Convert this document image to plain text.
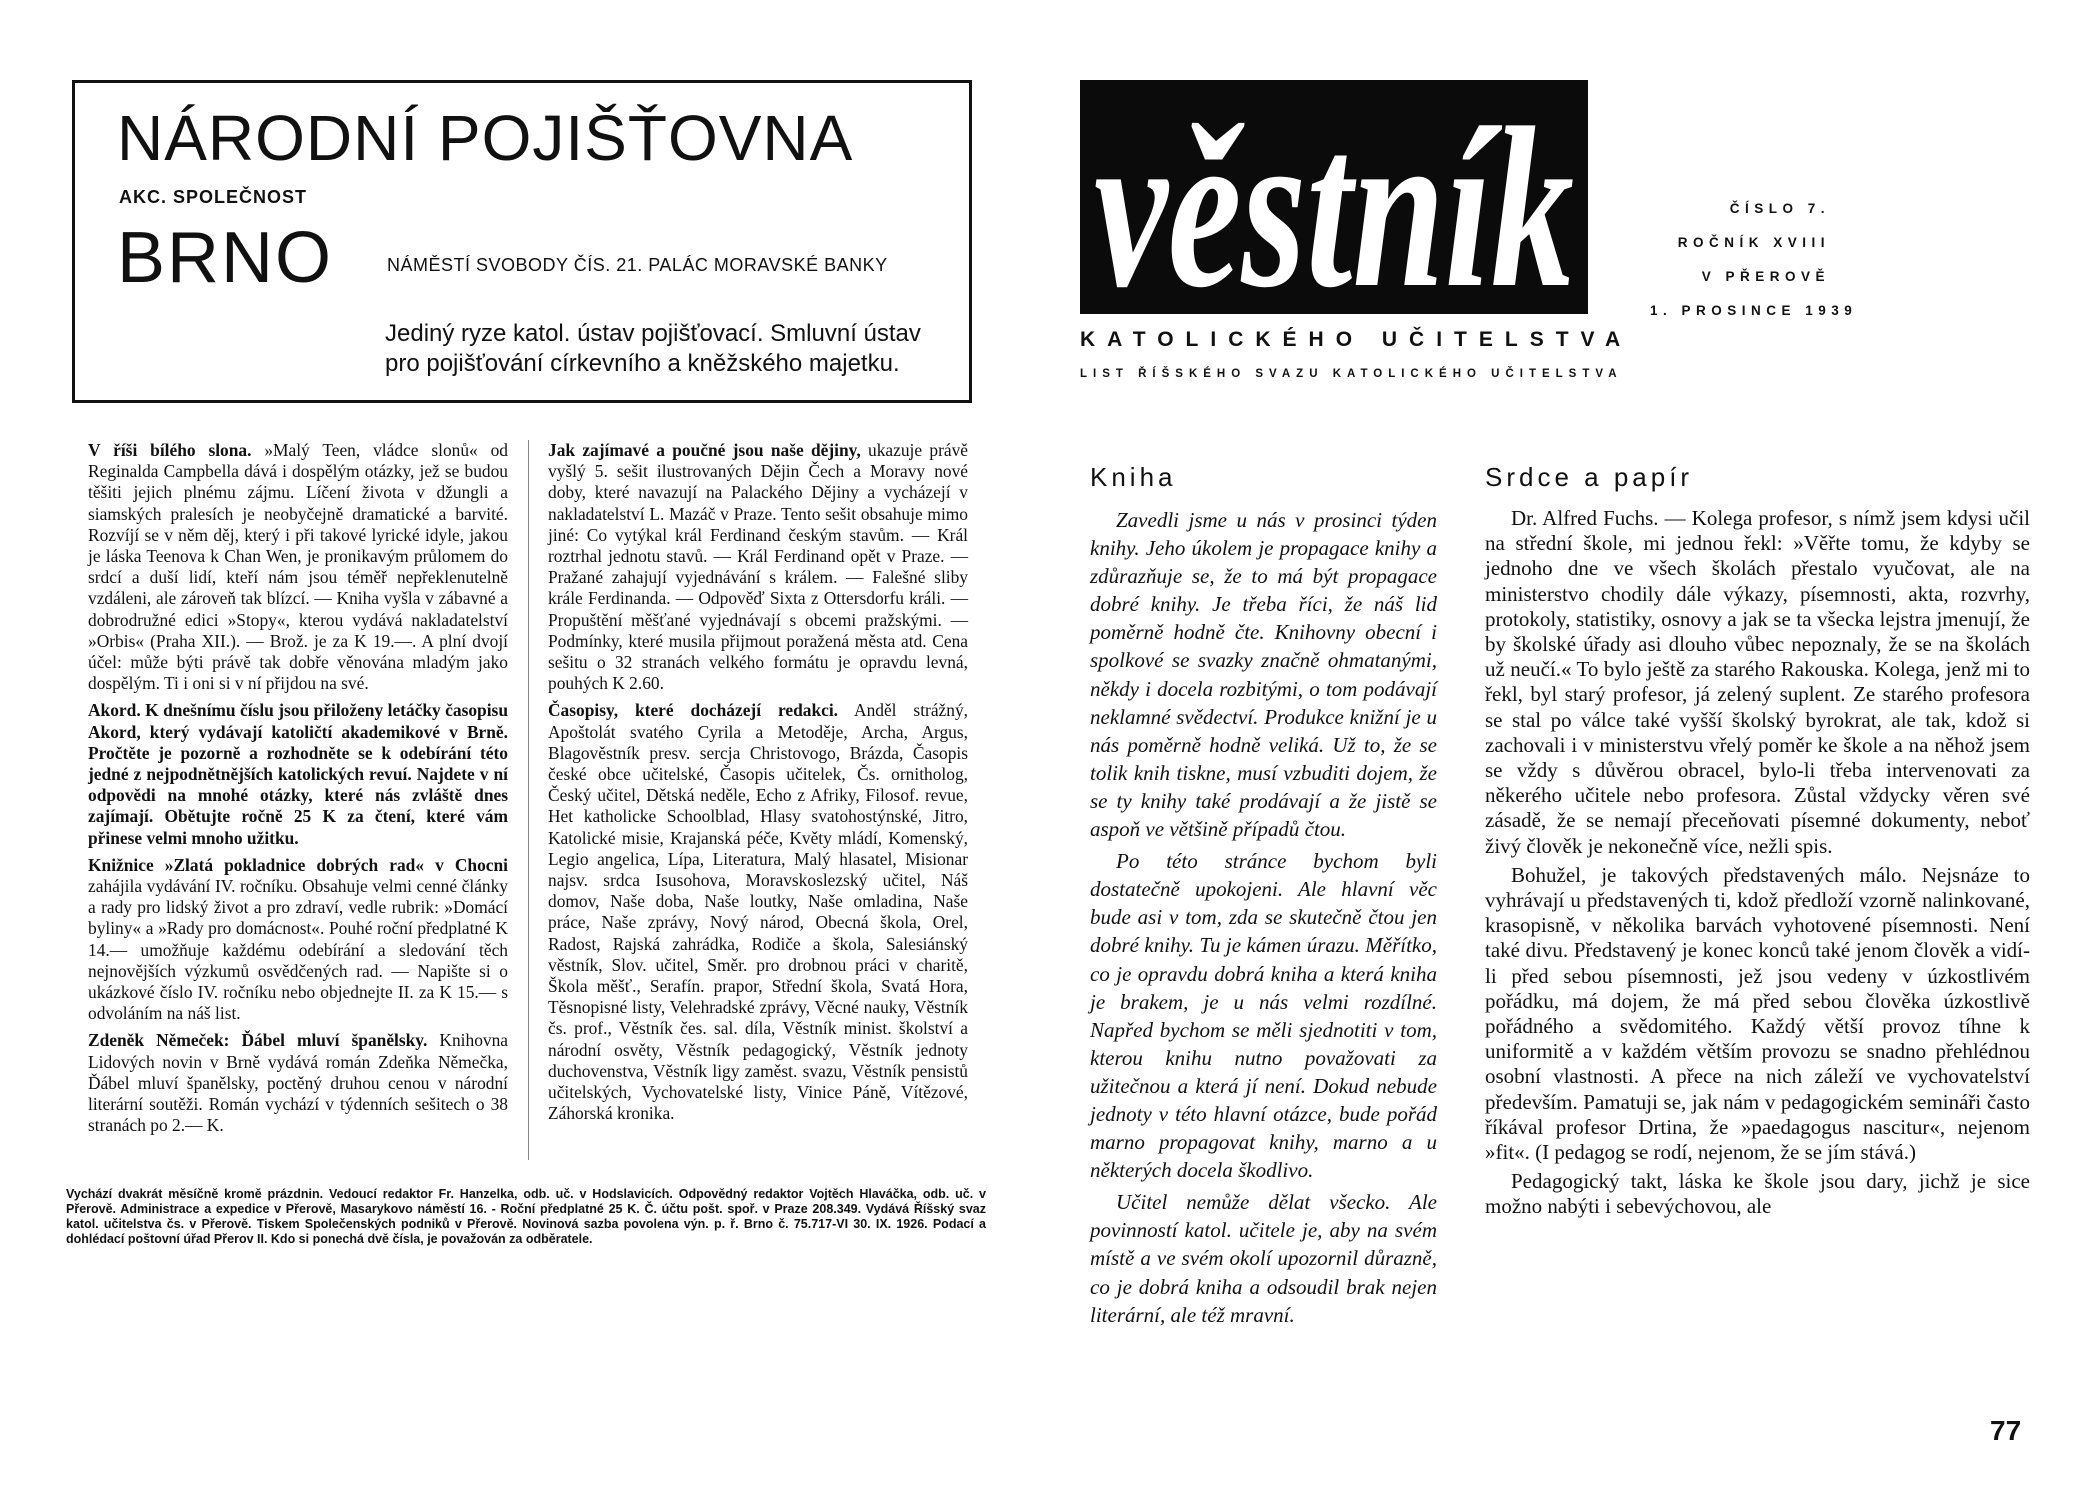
NÁRODNÍ POJIŠŤOVNA
AKC. SPOLEČNOST
BRNO	NÁMĚSTÍ SVOBODY ČÍS. 21. PALÁC MORAVSKÉ BANKY
Jediný ryze katol. ústav pojišťovací. Smluvní ústav pro pojišťování církevního a kněžského majetku.

V říši bílého slona. »Malý Teen, vládce slonů« od Reginalda Campbella dává i dospělým otázky, jež se budou těšiti jejich plnému zájmu. Líčení života v džungli a siamských pralesích je neobyčejně dramatické a barvité. Rozvíjí se v něm děj, který i při takové lyrické idyle, jakou je láska Teenova k Chan Wen, je pronikavým průlomem do srdcí a duší lidí, kteří nám jsou téměř nepřeklenutelně vzdáleni, ale zároveň tak blízcí. — Kniha vyšla v zábavné a dobrodružné edici »Stopy«, kterou vydává nakladatelství »Orbis« (Praha XII.). — Brož. je za K 19.—. A plní dvojí účel: může býti právě tak dobře věnována mladým jako dospělým. Ti i oni si v ní přijdou na své.

Akord. K dnešnímu číslu jsou přiloženy letáčky časopisu Akord, který vydávají katoličtí akademikové v Brně. Pročtěte je pozorně a rozhodněte se k odebírání této jedné z nejpodnětnějších katolických revuí. Najdete v ní odpovědi na mnohé otázky, které nás zvláště dnes zajímají. Obětujte ročně 25 K za čtení, které vám přinese velmi mnoho užitku.

Knižnice »Zlatá pokladnice dobrých rad« v Chocni zahájila vydávání IV. ročníku. Obsahuje velmi cenné články a rady pro lidský život a pro zdraví, vedle rubrik: »Domácí byliny« a »Rady pro domácnost«. Pouhé roční předplatné K 14.— umožňuje každému odebírání a sledování těch nejnovějších výzkumů osvědčených rad. — Napište si o ukázkové číslo IV. ročníku nebo objednejte II. za K 15.— s odvoláním na náš list.

Zdeněk Němeček: Ďábel mluví španělsky. Knihovna Lidových novin v Brně vydává román Zdeňka Němečka, Ďábel mluví španělsky, poctěný druhou cenou v národní literární soutěži. Román vychází v týdenních sešitech o 38 stranách po 2.— K.

Jak zajímavé a poučné jsou naše dějiny, ukazuje právě vyšlý 5. sešit ilustrovaných Dějin Čech a Moravy nové doby, které navazují na Palackého Dějiny a vycházejí v nakladatelství L. Mazáč v Praze. Tento sešit obsahuje mimo jiné: Co vytýkal král Ferdinand českým stavům. — Král roztrhal jednotu stavů. — Král Ferdinand opět v Praze. — Pražané zahajují vyjednávání s králem. — Falešné sliby krále Ferdinanda. — Odpověď Sixta z Ottersdorfu králi. — Propuštění měšťané vyjednávají s obcemi pražskými. — Podmínky, které musila přijmout poražená města atd. Cena sešitu o 32 stranách velkého formátu je opravdu levná, pouhých K 2.60.

Časopisy, které docházejí redakci. Anděl strážný, Apoštolát svatého Cyrila a Metoděje, Archa, Argus, Blagověstník presv. sercja Christovogo, Brázda, Časopis české obce učitelské, Časopis učitelek, Čs. ornitholog, Český učitel, Dětská neděle, Echo z Afriky, Filosof. revue, Het katholicke Schoolblad, Hlasy svatohostýnské, Jitro, Katolické misie, Krajanská péče, Květy mládí, Komenský, Legio angelica, Lípa, Literatura, Malý hlasatel, Misionar najsv. srdca Isusohova, Moravskoslezský učitel, Náš domov, Naše doba, Naše loutky, Naše omladina, Naše práce, Naše zprávy, Nový národ, Obecná škola, Orel, Radost, Rajská zahrádka, Rodiče a škola, Salesiánský věstník, Slov. učitel, Směr. pro drobnou práci v charitě, Škola měšť., Serafín. prapor, Střední škola, Svatá Hora, Těsnopisné listy, Velehradské zprávy, Věcné nauky, Věstník čs. prof., Věstník čes. sal. díla, Věstník minist. školství a národní osvěty, Věstník pedagogický, Věstník jednoty duchovenstva, Věstník ligy zaměst. svazu, Věstník pensistů učitelských, Vychovatelské listy, Vinice Páně, Vítězové, Záhorská kronika.

Vychází dvakrát měsíčně kromě prázdnin. Vedoucí redaktor Fr. Hanzelka, odb. uč. v Hodslavicích. Odpovědný redaktor Vojtěch Hlaváčka, odb. uč. v Přerově. Administrace a expedice v Přerově, Masarykovo náměstí 16. - Roční předplatné 25 K. Č. účtu pošt. spoř. v Praze 208.349. Vydává Říšský svaz katol. učitelstva čs. v Přerově. Tiskem Společenských podniků v Přerově. Novinová sazba povolena výn. p. ř. Brno č. 75.717-VI 30. IX. 1926. Podací a dohlédací poštovní úřad Přerov II. Kdo si ponechá dvě čísla, je považován za odběratele.
věstník	ČÍSLO 7.
ROČNÍK XVIII
V PŘEROVĚ
1. PROSINCE 1939
KATOLICKÉHO UČITELSTVA
LIST ŘÍŠSKÉHO SVAZU KATOLICKÉHO UČITELSTVA
Kniha

Zavedli jsme u nás v prosinci týden knihy. Jeho úkolem je propagace knihy a zdůrazňuje se, že to má být propagace dobré knihy. Je třeba říci, že náš lid poměrně hodně čte. Knihovny obecní i spolkové se svazky značně ohmatanými, někdy i docela rozbitými, o tom podávají neklamné svědectví. Produkce knižní je u nás poměrně hodně veliká. Už to, že se tolik knih tiskne, musí vzbuditi dojem, že se ty knihy také prodávají a že jistě se aspoň ve většině případů čtou.

Po této stránce bychom byli dostatečně upokojeni. Ale hlavní věc bude asi v tom, zda se skutečně čtou jen dobré knihy. Tu je kámen úrazu. Měřítko, co je opravdu dobrá kniha a která kniha je brakem, je u nás velmi rozdílné. Napřed bychom se měli sjednotiti v tom, kterou knihu nutno považovati za užitečnou a která jí není. Dokud nebude jednoty v této hlavní otázce, bude pořád marno propagovat knihy, marno a u některých docela škodlivo.

Učitel nemůže dělat všecko. Ale povinností katol. učitele je, aby na svém místě a ve svém okolí upozornil důrazně, co je dobrá kniha a odsoudil brak nejen literární, ale též mravní.

Srdce a papír

Dr. Alfred Fuchs. — Kolega profesor, s nímž jsem kdysi učil na střední škole, mi jednou řekl: »Věřte tomu, že kdyby se jednoho dne ve všech školách přestalo vyučovat, ale na ministerstvo chodily dále výkazy, písemnosti, akta, rozvrhy, protokoly, statistiky, osnovy a jak se ta všecka lejstra jmenují, že by školské úřady asi dlouho vůbec nepoznaly, že se na školách už neučí.« To bylo ještě za starého Rakouska. Kolega, jenž mi to řekl, byl starý profesor, já zelený suplent. Ze starého profesora se stal po válce také vyšší školský byrokrat, ale tak, kdož si zachovali i v ministerstvu vřelý poměr ke škole a na něhož jsem se vždy s důvěrou obracel, bylo-li třeba intervenovati za někerého učitele nebo profesora. Zůstal vždycky věren své zásadě, že se nemají přeceňovati písemné dokumenty, neboť živý člověk je nekonečně více, nežli spis.

Bohužel, je takových představených málo. Nejsnáze to vyhrávají u představených ti, kdož předloží vzorně nalinkované, krasopisně, v několika barvách vyhotovené písemnosti. Není také divu. Představený je konec konců také jenom člověk a vidí-li před sebou písemnosti, jež jsou vedeny v úzkostlivém pořádku, má dojem, že má před sebou člověka úzkostlivě pořádného a svědomitého. Každý větší provoz tíhne k uniformitě a v každém větším provozu se snadno přehlédnou osobní vlastnosti. A přece na nich záleží ve vychovatelství především. Pamatuji se, jak nám v pedagogickém semináři často říkával profesor Drtina, že »paedagogus nascitur«, nejenom »fit«. (I pedagog se rodí, nejenom, že se jím stává.)

Pedagogický takt, láska ke škole jsou dary, jichž je sice možno nabýti i sebevýchovou, ale

77
